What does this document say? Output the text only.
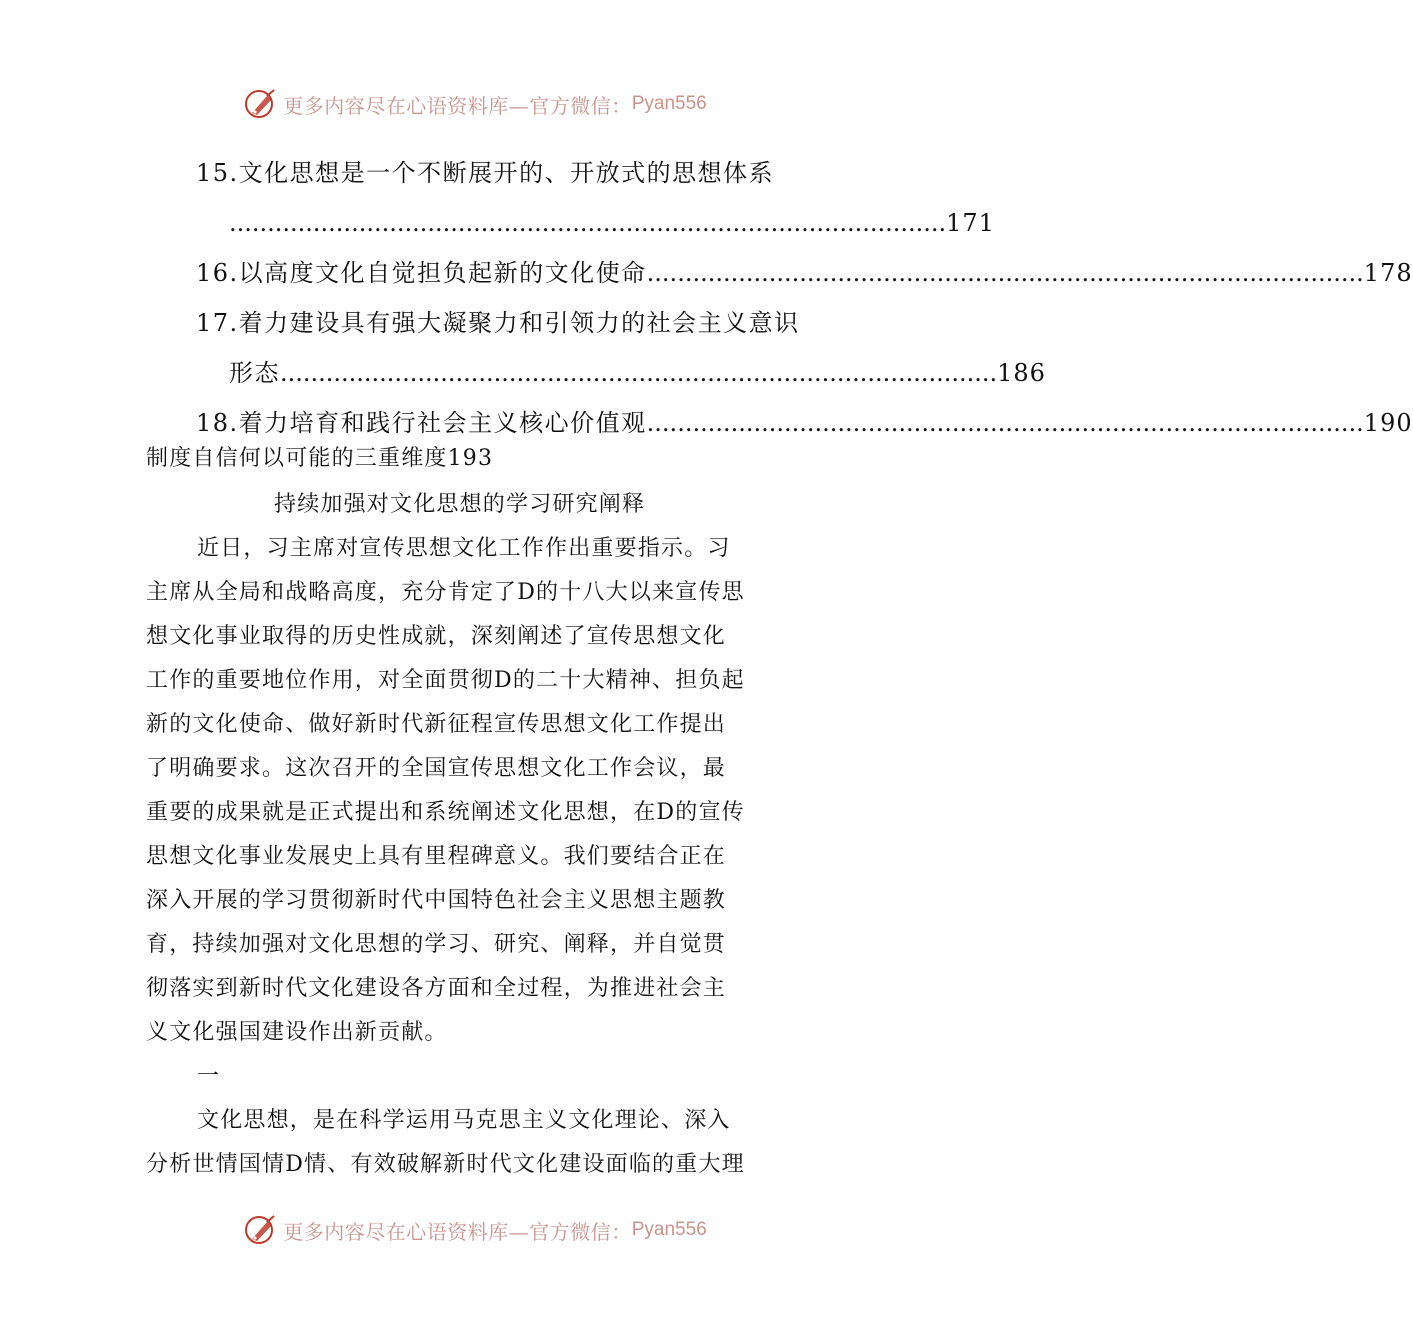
更多内容尽在心语资料库—官方微信： Pyan556
15.文化思想是一个不断展开的、开放式的思想体系
.............................................................................................. 171
16.以高度文化自觉担负起新的文化使命 .............................................................................................. 178
17.着力建设具有强大凝聚力和引领力的社会主义意识
形态 .............................................................................................. 186
18.着力培育和践行社会主义核心价值观 .............................................................................................. 190
制度自信何以可能的三重维度193
持续加强对文化思想的学习研究阐释
近日，习主席对宣传思想文化工作作出重要指示。习
主席从全局和战略高度，充分肯定了D的十八大以来宣传思
想文化事业取得的历史性成就，深刻阐述了宣传思想文化
工作的重要地位作用，对全面贯彻D的二十大精神、担负起
新的文化使命、做好新时代新征程宣传思想文化工作提出
了明确要求。这次召开的全国宣传思想文化工作会议，最
重要的成果就是正式提出和系统阐述文化思想，在D的宣传
思想文化事业发展史上具有里程碑意义。我们要结合正在
深入开展的学习贯彻新时代中国特色社会主义思想主题教
育，持续加强对文化思想的学习、研究、阐释，并自觉贯
彻落实到新时代文化建设各方面和全过程，为推进社会主
义文化强国建设作出新贡献。
一
文化思想，是在科学运用马克思主义文化理论、深入
分析世情国情D情、有效破解新时代文化建设面临的重大理
更多内容尽在心语资料库—官方微信： Pyan556
